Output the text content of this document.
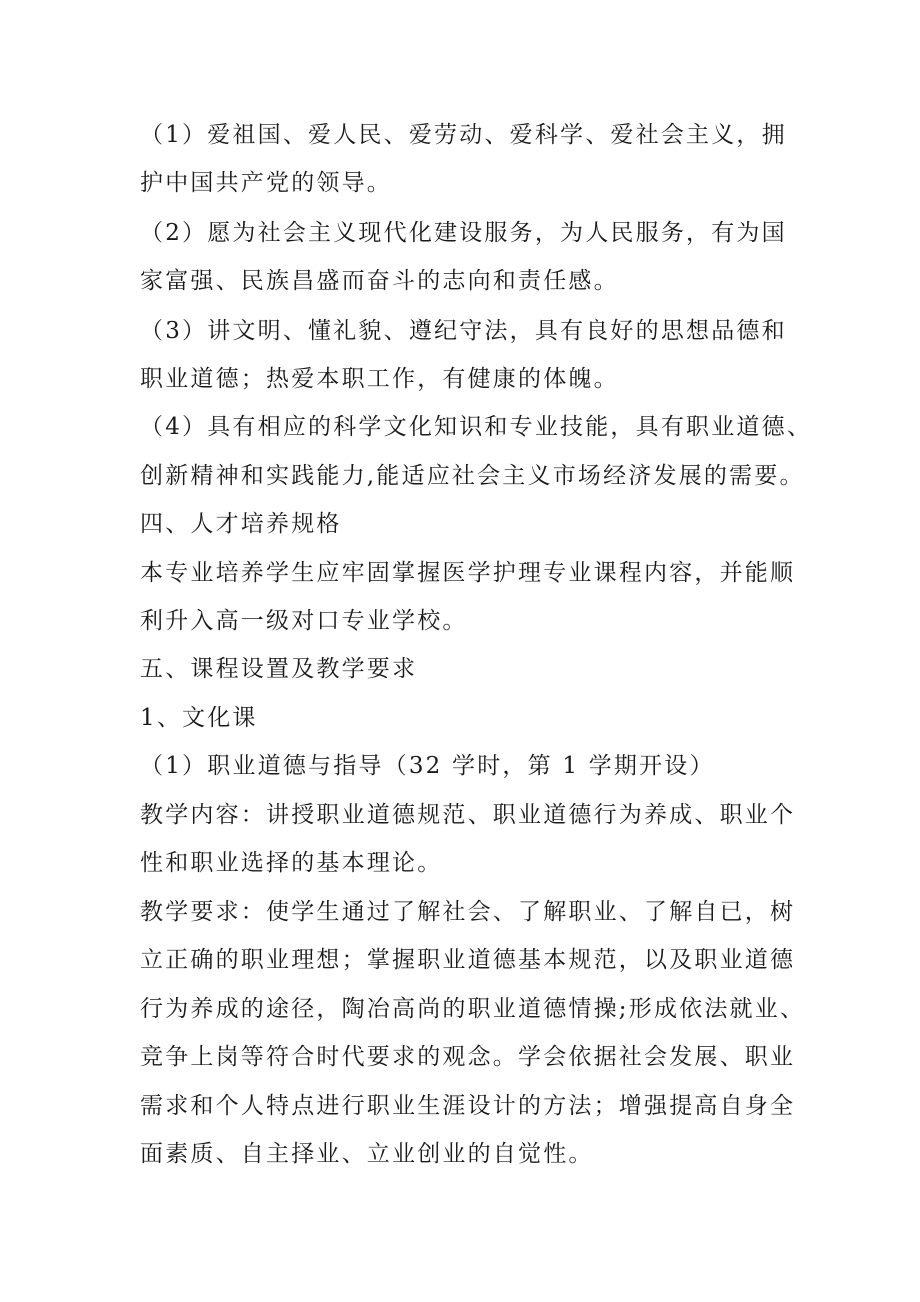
（1）爱祖国、爱人民、爱劳动、爱科学、爱社会主义，拥
护中国共产党的领导。
（2）愿为社会主义现代化建设服务，为人民服务，有为国
家富强、民族昌盛而奋斗的志向和责任感。
（3）讲文明、懂礼貌、遵纪守法，具有良好的思想品德和
职业道德；热爱本职工作，有健康的体魄。
（4）具有相应的科学文化知识和专业技能，具有职业道德、
创新精神和实践能力,能适应社会主义市场经济发展的需要。
四、人才培养规格
本专业培养学生应牢固掌握医学护理专业课程内容，并能顺
利升入高一级对口专业学校。
五、课程设置及教学要求
1、文化课
（1）职业道德与指导（32 学时，第 1 学期开设）
教学内容：讲授职业道德规范、职业道德行为养成、职业个
性和职业选择的基本理论。
教学要求：使学生通过了解社会、了解职业、了解自已，树
立正确的职业理想；掌握职业道德基本规范，以及职业道德
行为养成的途径，陶冶高尚的职业道德情操;形成依法就业、
竞争上岗等符合时代要求的观念。学会依据社会发展、职业
需求和个人特点进行职业生涯设计的方法；增强提高自身全
面素质、自主择业、立业创业的自觉性。
